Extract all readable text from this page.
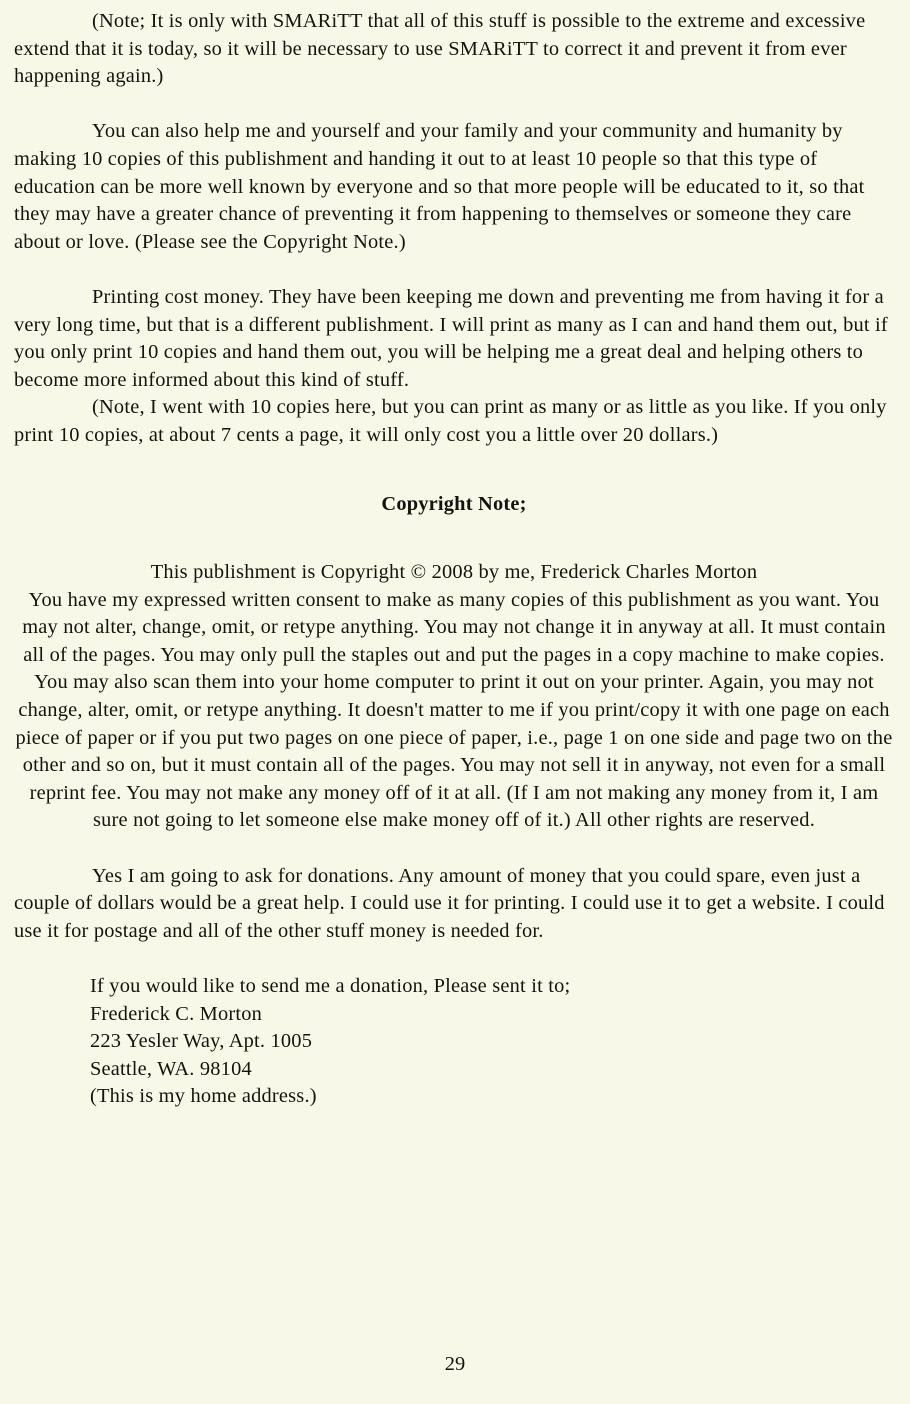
(Note; It is only with SMARiTT that all of this stuff is possible to the extreme and excessive extend that it is today, so it will be necessary to use SMARiTT to correct it and prevent it from ever happening again.)

You can also help me and yourself and your family and your community and humanity by making 10 copies of this publishment and handing it out to at least 10 people so that this type of education can be more well known by everyone and so that more people will be educated to it, so that they may have a greater chance of preventing it from happening to themselves or someone they care about or love. (Please see the Copyright Note.)

Printing cost money. They have been keeping me down and preventing me from having it for a very long time, but that is a different publishment. I will print as many as I can and hand them out, but if you only print 10 copies and hand them out, you will be helping me a great deal and helping others to become more informed about this kind of stuff.

(Note, I went with 10 copies here, but you can print as many or as little as you like. If you only print 10 copies, at about 7 cents a page, it will only cost you a little over 20 dollars.)

Copyright Note;

This publishment is Copyright © 2008 by me, Frederick Charles Morton

You have my expressed written consent to make as many copies of this publishment as you want. You may not alter, change, omit, or retype anything. You may not change it in anyway at all. It must contain all of the pages. You may only pull the staples out and put the pages in a copy machine to make copies. You may also scan them into your home computer to print it out on your printer. Again, you may not change, alter, omit, or retype anything. It doesn't matter to me if you print/copy it with one page on each piece of paper or if you put two pages on one piece of paper, i.e., page 1 on one side and page two on the other and so on, but it must contain all of the pages. You may not sell it in anyway, not even for a small reprint fee. You may not make any money off of it at all. (If I am not making any money from it, I am sure not going to let someone else make money off of it.) All other rights are reserved.

Yes I am going to ask for donations. Any amount of money that you could spare, even just a couple of dollars would be a great help. I could use it for printing. I could use it to get a website. I could use it for postage and all of the other stuff money is needed for.

If you would like to send me a donation, Please sent it to;

Frederick C. Morton

223 Yesler Way, Apt. 1005

Seattle, WA. 98104

(This is my home address.)

29
